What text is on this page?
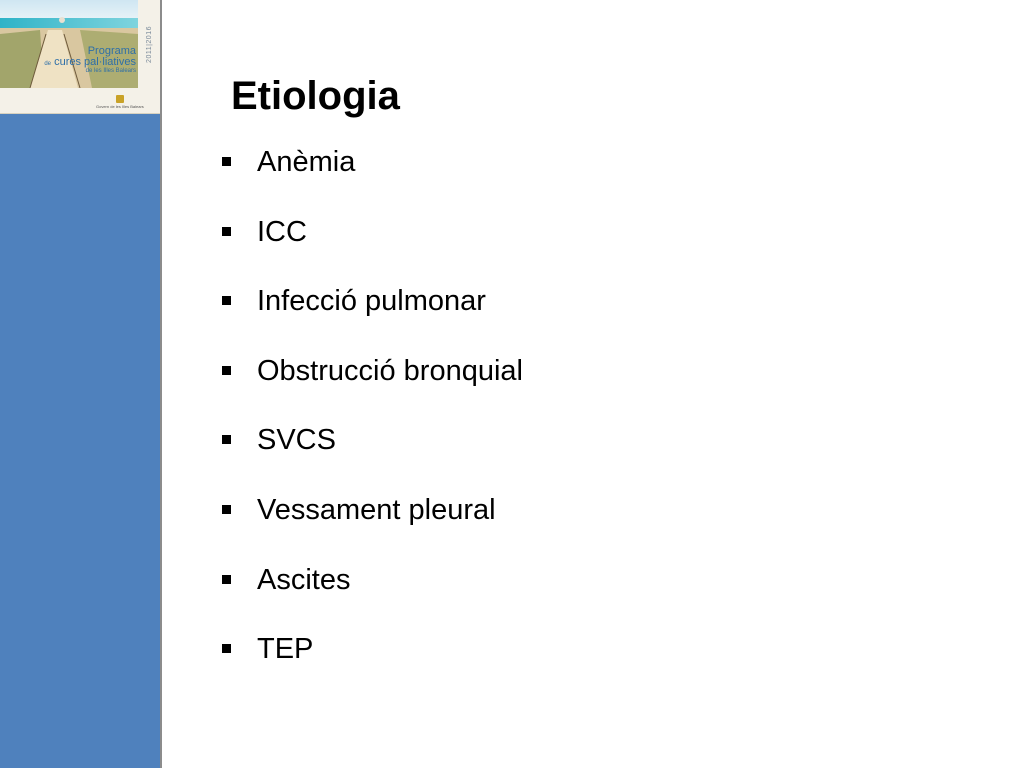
2011|2016
Programa
de cures pal·liatives
de les Illes Balears
Govern de les Illes Balears Etiologia
Anèmia
ICC
Infecció pulmonar
Obstrucció bronquial
SVCS
Vessament pleural
Ascites
TEP
